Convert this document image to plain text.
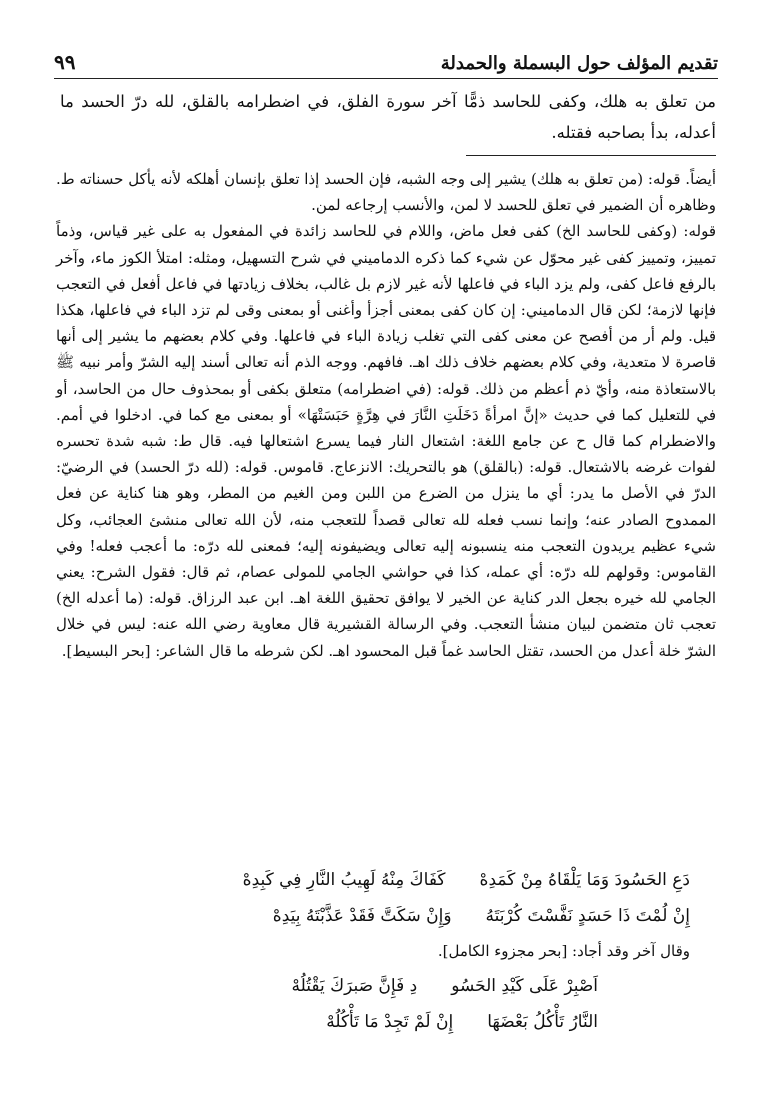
تقديم المؤلف حول البسملة والحمدلة
٩٩

من تعلق به هلك، وكفى للحاسد ذمًّا آخر سورة الفلق، في اضطرامه بالقلق، لله درّ الحسد ما أعدله، بدأ بصاحبه فقتله.

أيضاً. قوله: (من تعلق به هلك) يشير إلى وجه الشبه، فإن الحسد إذا تعلق بإنسان أهلكه لأنه يأكل حسناته ط. وظاهره أن الضمير في تعلق للحسد لا لمن، والأنسب إرجاعه لمن.

قوله: (وكفى للحاسد الخ) كفى فعل ماض، واللام في للحاسد زائدة في المفعول به على غير قياس، وذماً تمييز، وتمييز كفى غير محوّل عن شيء كما ذكره الدماميني في شرح التسهيل، ومثله: امتلأ الكوز ماء، وآخر بالرفع فاعل كفى، ولم يزد الباء في فاعلها لأنه غير لازم بل غالب، بخلاف زيادتها في فاعل أفعل في التعجب فإنها لازمة؛ لكن قال الدماميني: إن كان كفى بمعنى أجزأ وأغنى أو بمعنى وقى لم تزد الباء في فاعلها، هكذا قيل. ولم أر من أفصح عن معنى كفى التي تغلب زيادة الباء في فاعلها. وفي كلام بعضهم ما يشير إلى أنها قاصرة لا متعدية، وفي كلام بعضهم خلاف ذلك اهـ. فافهم. ووجه الذم أنه تعالى أسند إليه الشرّ وأمر نبيه ﷺ بالاستعاذة منه، وأيّ ذم أعظم من ذلك. قوله: (في اضطرامه) متعلق بكفى أو بمحذوف حال من الحاسد، أو في للتعليل كما في حديث «إنَّ امرأةً دَخَلَتِ النَّارَ في هِرَّةٍ حَبَسَتْهَا» أو بمعنى مع كما في. ادخلوا في أمم. والاضطرام كما قال ح عن جامع اللغة: اشتعال النار فيما يسرع اشتعالها فيه. قال ط: شبه شدة تحسره لفوات غرضه بالاشتعال. قوله: (بالقلق) هو بالتحريك: الانزعاج. قاموس. قوله: (لله درّ الحسد) في الرضيّ: الدرّ في الأصل ما يدر: أي ما ينزل من الضرع من اللبن ومن الغيم من المطر، وهو هنا كناية عن فعل الممدوح الصادر عنه؛ وإنما نسب فعله لله تعالى قصداً للتعجب منه، لأن الله تعالى منشئ العجائب، وكل شيء عظيم يريدون التعجب منه ينسبونه إليه تعالى ويضيفونه إليه؛ فمعنى لله درّه: ما أعجب فعله! وفي القاموس: وقولهم لله درّه: أي عمله، كذا في حواشي الجامي للمولى عصام، ثم قال: فقول الشرح: يعني الجامي لله خيره بجعل الدر كناية عن الخير لا يوافق تحقيق اللغة اهـ. ابن عبد الرزاق. قوله: (ما أعدله الخ) تعجب ثان متضمن لبيان منشأ التعجب. وفي الرسالة القشيرية قال معاوية رضي الله عنه: ليس في خلال الشرّ خلة أعدل من الحسد، تقتل الحاسد غماً قبل المحسود اهـ. لكن شرطه ما قال الشاعر: [بحر البسيط].

دَعِ الحَسُودَ وَمَا يَلْقَاهُ مِنْ كَمَدِهْ
كَفَاكَ مِنْهُ لَهِيبُ النَّارِ فِي كَبِدِهْ
إِنْ لُمْتَ ذَا حَسَدٍ نَفَّسْتَ كُرْبَتَهُ
وَإِنْ سَكَتَّ فَقَدْ عَذَّبْتَهُ بِيَدِهْ
وقال آخر وقد أجاد: [بحر مجزوء الكامل].
اَصْبِرْ عَلَى كَيْدِ الحَسُو
دِ فَإِنَّ صَبرَكَ يَقْتُلُهْ
النَّارُ تَأْكُلُ بَعْضَهَا
إِنْ لَمْ تَجِدْ مَا تَأْكُلُهْ
